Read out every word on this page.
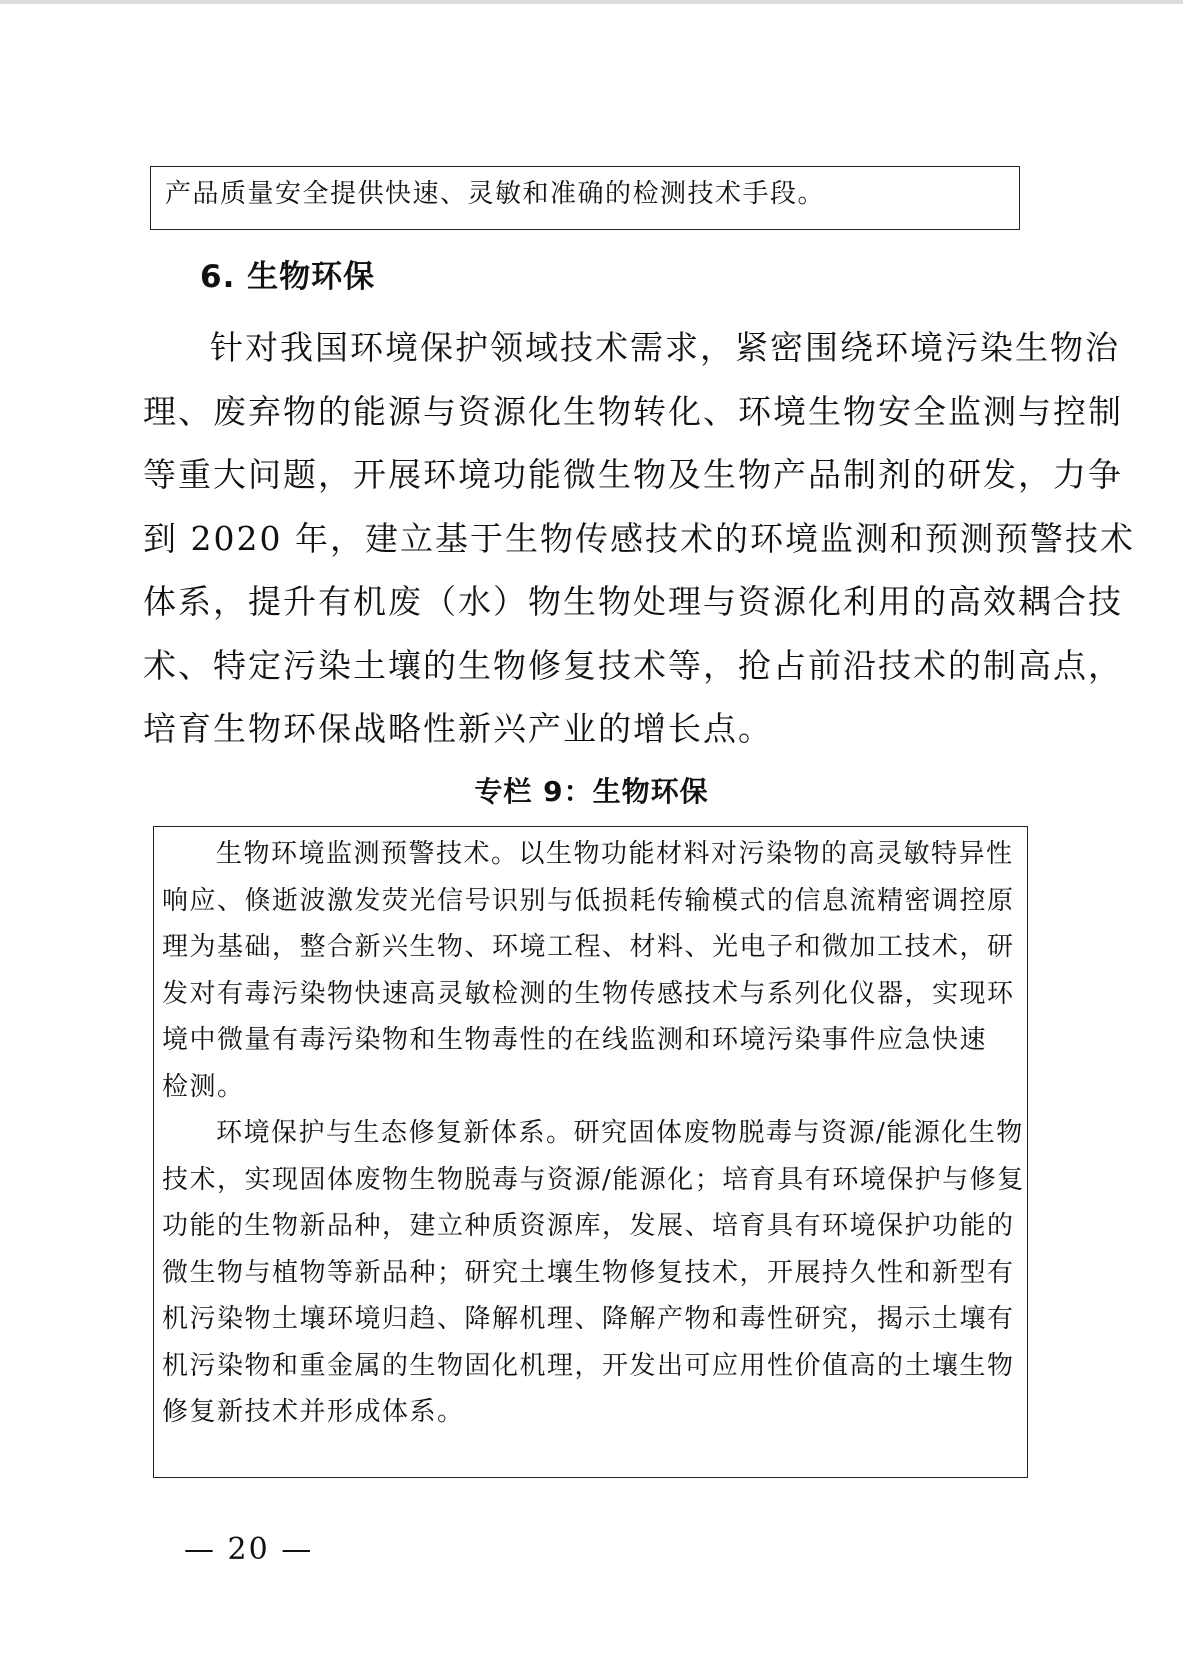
产品质量安全提供快速、灵敏和准确的检测技术手段。
6. 生物环保
针对我国环境保护领域技术需求，紧密围绕环境污染生物治
理、废弃物的能源与资源化生物转化、环境生物安全监测与控制
等重大问题，开展环境功能微生物及生物产品制剂的研发，力争
到 2020 年，建立基于生物传感技术的环境监测和预测预警技术
体系，提升有机废（水）物生物处理与资源化利用的高效耦合技
术、特定污染土壤的生物修复技术等，抢占前沿技术的制高点，
培育生物环保战略性新兴产业的增长点。
专栏 9：生物环保
生物环境监测预警技术。以生物功能材料对污染物的高灵敏特异性
响应、倏逝波激发荧光信号识别与低损耗传输模式的信息流精密调控原
理为基础，整合新兴生物、环境工程、材料、光电子和微加工技术，研
发对有毒污染物快速高灵敏检测的生物传感技术与系列化仪器，实现环
境中微量有毒污染物和生物毒性的在线监测和环境污染事件应急快速
检测。
环境保护与生态修复新体系。研究固体废物脱毒与资源/能源化生物
技术，实现固体废物生物脱毒与资源/能源化；培育具有环境保护与修复
功能的生物新品种，建立种质资源库，发展、培育具有环境保护功能的
微生物与植物等新品种；研究土壤生物修复技术，开展持久性和新型有
机污染物土壤环境归趋、降解机理、降解产物和毒性研究，揭示土壤有
机污染物和重金属的生物固化机理，开发出可应用性价值高的土壤生物
修复新技术并形成体系。
— 20 —
